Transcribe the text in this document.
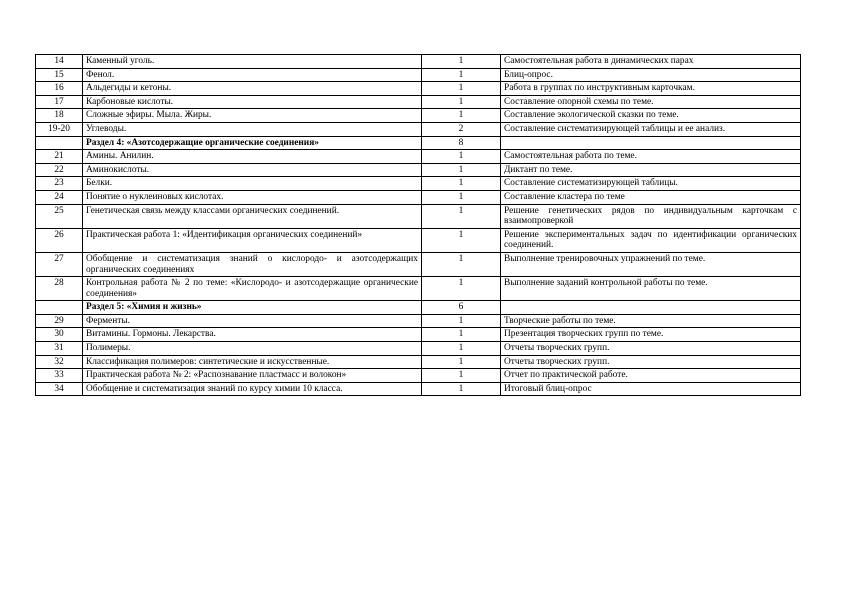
14	Каменный уголь.	1	Самостоятельная работа в динамических парах
15	Фенол.	1	Блиц-опрос.
16	Альдегиды и кетоны.	1	Работа в группах по инструктивным карточкам.
17	Карбоновые кислоты.	1	Составление опорной схемы по теме.
18	Сложные эфиры. Мыла. Жиры.	1	Составление экологической сказки по теме.
19-20	Углеводы.	2	Составление систематизирующей таблицы и ее анализ.
	Раздел 4: «Азотсодержащие органические соединения»	8	
21	Амины. Анилин.	1	Самостоятельная работа по теме.
22	Аминокислоты.	1	Диктант по теме.
23	Белки.	1	Составление систематизирующей таблицы.
24	Понятие о нуклеиновых кислотах.	1	Составление кластера по теме
25	Генетическая связь между классами органических соединений.	1	Решение генетических рядов по индивидуальным карточкам с взаимопроверкой
26	Практическая работа 1: «Идентификация органических соединений»	1	Решение экспериментальных задач по идентификации органических соединений.
27	Обобщение и систематизация знаний о кислородо- и азотсодержащих органических соединениях	1	Выполнение тренировочных упражнений по теме.
28	Контрольная работа № 2 по теме: «Кислородо- и азотсодержащие органические соединения»	1	Выполнение заданий контрольной работы по теме.
	Раздел 5: «Химия и жизнь»	6	
29	Ферменты.	1	Творческие работы по теме.
30	Витамины. Гормоны. Лекарства.	1	Презентация творческих групп по теме.
31	Полимеры.	1	Отчеты творческих групп.
32	Классификация полимеров: синтетические и искусственные.	1	Отчеты творческих групп.
33	Практическая работа № 2: «Распознавание пластмасс и волокон»	1	Отчет по практической работе.
34	Обобщение и систематизация знаний по курсу химии 10 класса.	1	Итоговый блиц-опрос
